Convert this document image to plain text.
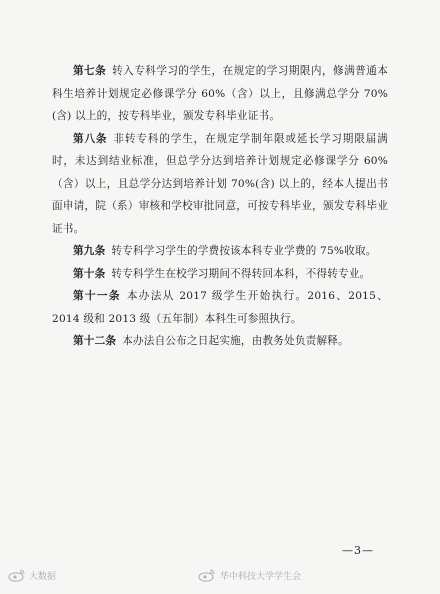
第七条 转入专科学习的学生，在规定的学习期限内，修满普通本科生培养计划规定必修课学分 60%（含）以上，且修满总学分 70%(含) 以上的，按专科毕业，颁发专科毕业证书。

第八条 非转专科的学生，在规定学制年限或延长学习期限届满时，未达到结业标准，但总学分达到培养计划规定必修课学分 60%（含）以上，且总学分达到培养计划 70%(含) 以上的，经本人提出书面申请，院（系）审核和学校审批同意，可按专科毕业，颁发专科毕业证书。

第九条 转专科学习学生的学费按该本科专业学费的 75%收取。

第十条 转专科学生在校学习期间不得转回本科，不得转专业。

第十一条 本办法从 2017 级学生开始执行。2016、2015、2014 级和 2013 级（五年制）本科生可参照执行。

第十二条 本办法自公布之日起实施，由教务处负责解释。

—3—
大数据	华中科技大学学生会
